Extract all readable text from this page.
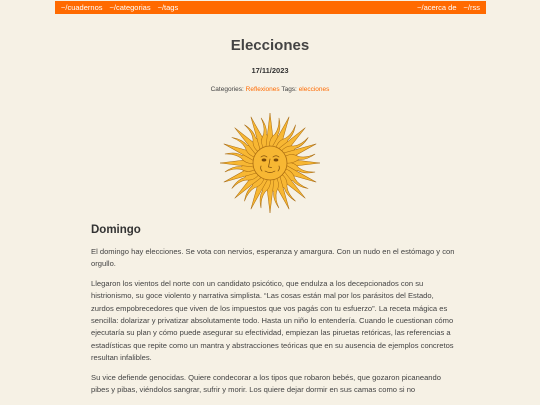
~/cuadernos ~/categorias ~/tags	~/acerca de ~/rss
Elecciones
17/11/2023
Categories: Reflexiones Tags: elecciones
Domingo

El domingo hay elecciones. Se vota con nervios, esperanza y amargura. Con un nudo en el estómago y con orgullo.

Llegaron los vientos del norte con un candidato psicótico, que endulza a los decepcionados con su histrionismo, su goce violento y narrativa simplista. “Las cosas están mal por los parásitos del Estado, zurdos empobrecedores que viven de los impuestos que vos pagás con tu esfuerzo”. La receta mágica es sencilla: dolarizar y privatizar absolutamente todo. Hasta un niño lo entendería. Cuando le cuestionan cómo ejecutaría su plan y cómo puede asegurar su efectividad, empiezan las piruetas retóricas, las referencias a estadísticas que repite como un mantra y abstracciones teóricas que en su ausencia de ejemplos concretos resultan infalibles.

Su vice defiende genocidas. Quiere condecorar a los tipos que robaron bebés, que gozaron picaneando pibes y pibas, viéndolos sangrar, sufrir y morir. Los quiere dejar dormir en sus camas como si no
